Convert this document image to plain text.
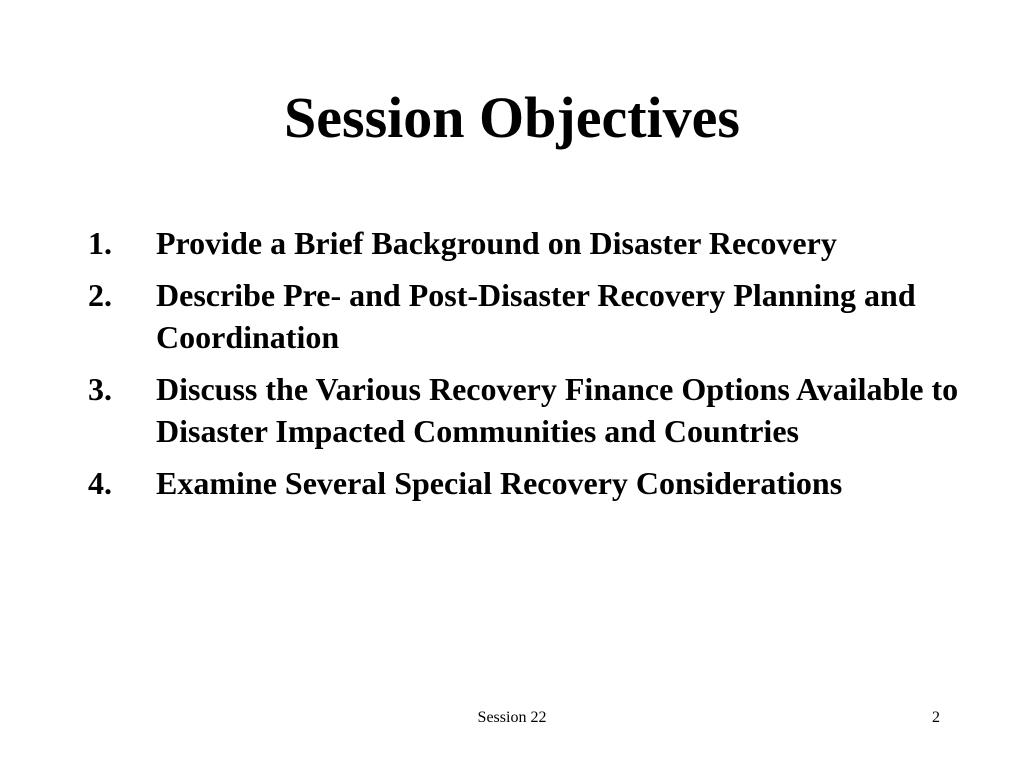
Session Objectives
1.	Provide a Brief Background on Disaster Recovery
2.	Describe Pre- and Post-Disaster Recovery Planning and Coordination
3.	Discuss the Various Recovery Finance Options Available to Disaster Impacted Communities and Countries
4.	Examine Several Special Recovery Considerations
Session 22	2
